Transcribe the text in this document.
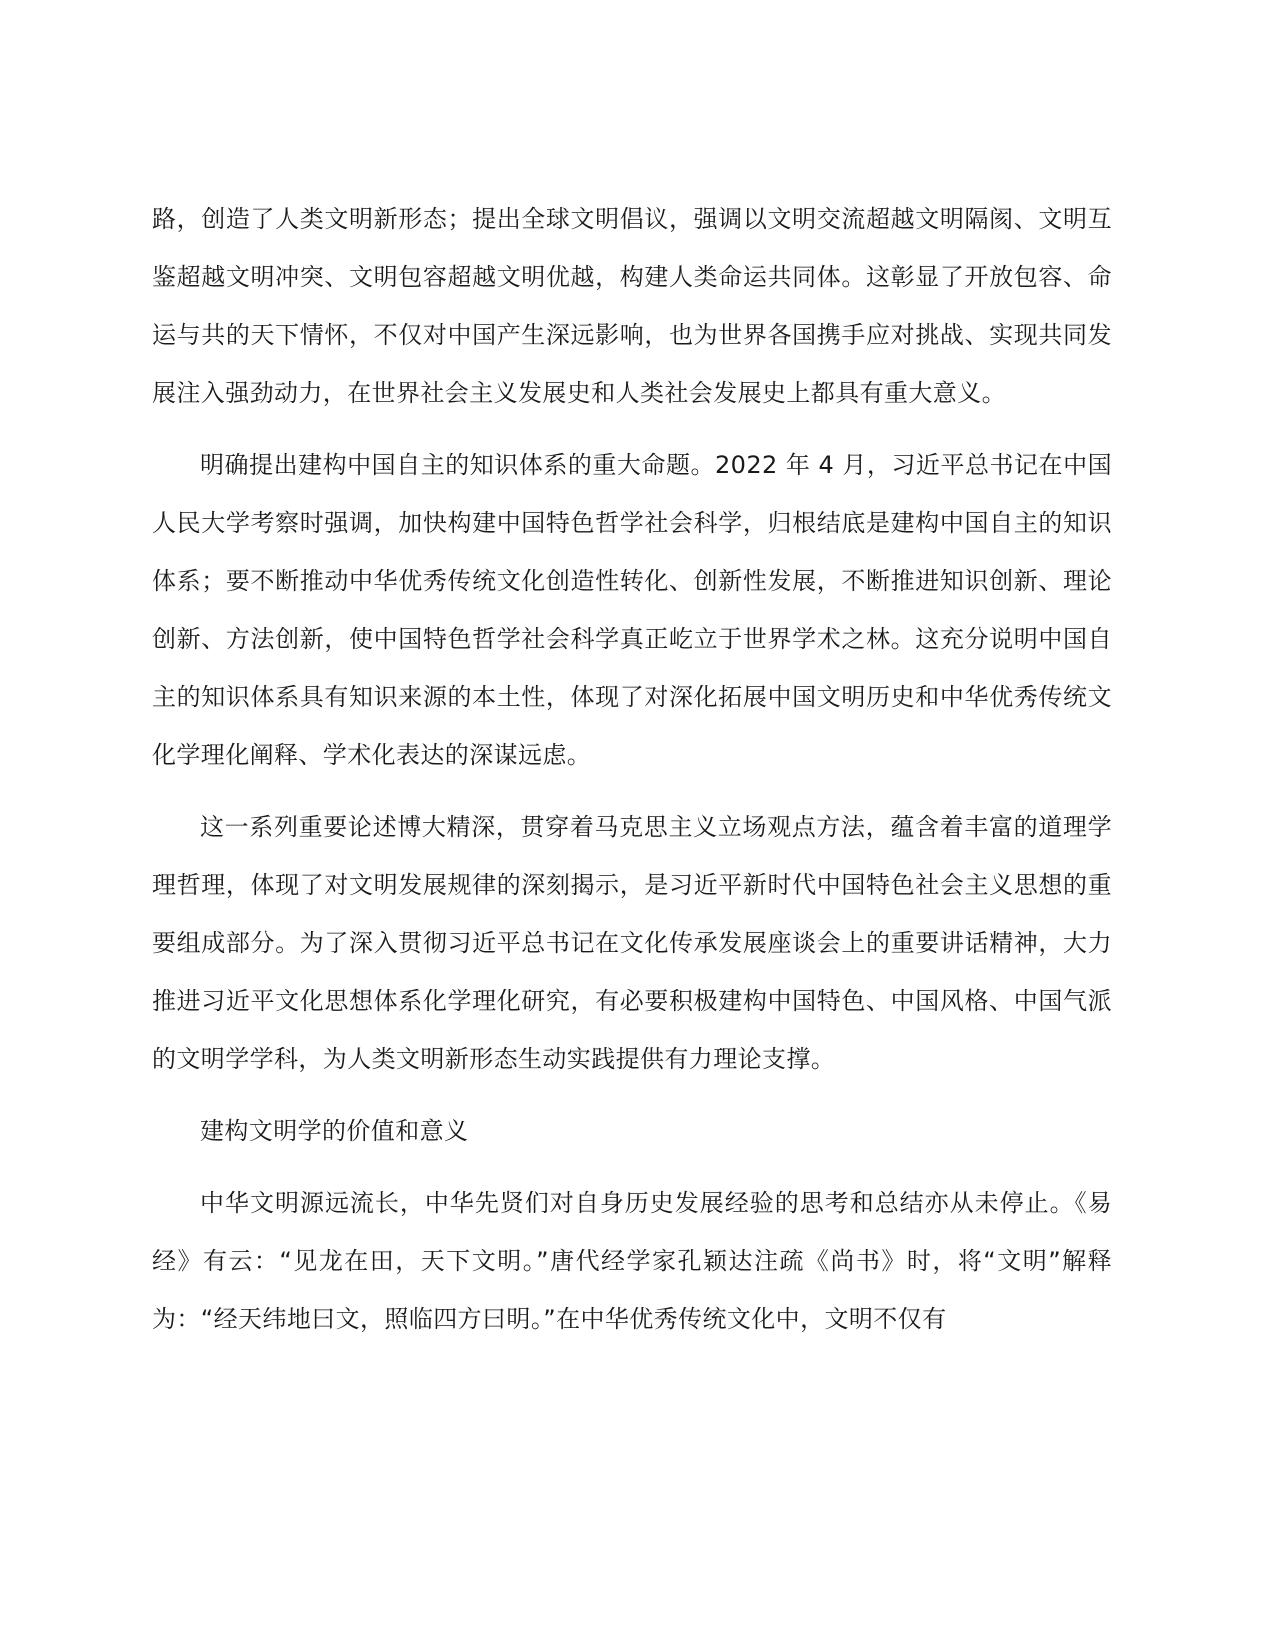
路，创造了人类文明新形态；提出全球文明倡议，强调以文明交流超越文明隔阂、文明互鉴超越文明冲突、文明包容超越文明优越，构建人类命运共同体。这彰显了开放包容、命运与共的天下情怀，不仅对中国产生深远影响，也为世界各国携手应对挑战、实现共同发展注入强劲动力，在世界社会主义发展史和人类社会发展史上都具有重大意义。

明确提出建构中国自主的知识体系的重大命题。2022 年 4 月，习近平总书记在中国人民大学考察时强调，加快构建中国特色哲学社会科学，归根结底是建构中国自主的知识体系；要不断推动中华优秀传统文化创造性转化、创新性发展，不断推进知识创新、理论创新、方法创新，使中国特色哲学社会科学真正屹立于世界学术之林。这充分说明中国自主的知识体系具有知识来源的本土性，体现了对深化拓展中国文明历史和中华优秀传统文化学理化阐释、学术化表达的深谋远虑。

这一系列重要论述博大精深，贯穿着马克思主义立场观点方法，蕴含着丰富的道理学理哲理，体现了对文明发展规律的深刻揭示，是习近平新时代中国特色社会主义思想的重要组成部分。为了深入贯彻习近平总书记在文化传承发展座谈会上的重要讲话精神，大力推进习近平文化思想体系化学理化研究，有必要积极建构中国特色、中国风格、中国气派的文明学学科，为人类文明新形态生动实践提供有力理论支撑。

建构文明学的价值和意义

中华文明源远流长，中华先贤们对自身历史发展经验的思考和总结亦从未停止。《易经》有云：“见龙在田，天下文明。”唐代经学家孔颖达注疏《尚书》时，将“文明”解释为：“经天纬地曰文，照临四方曰明。”在中华优秀传统文化中，文明不仅有
